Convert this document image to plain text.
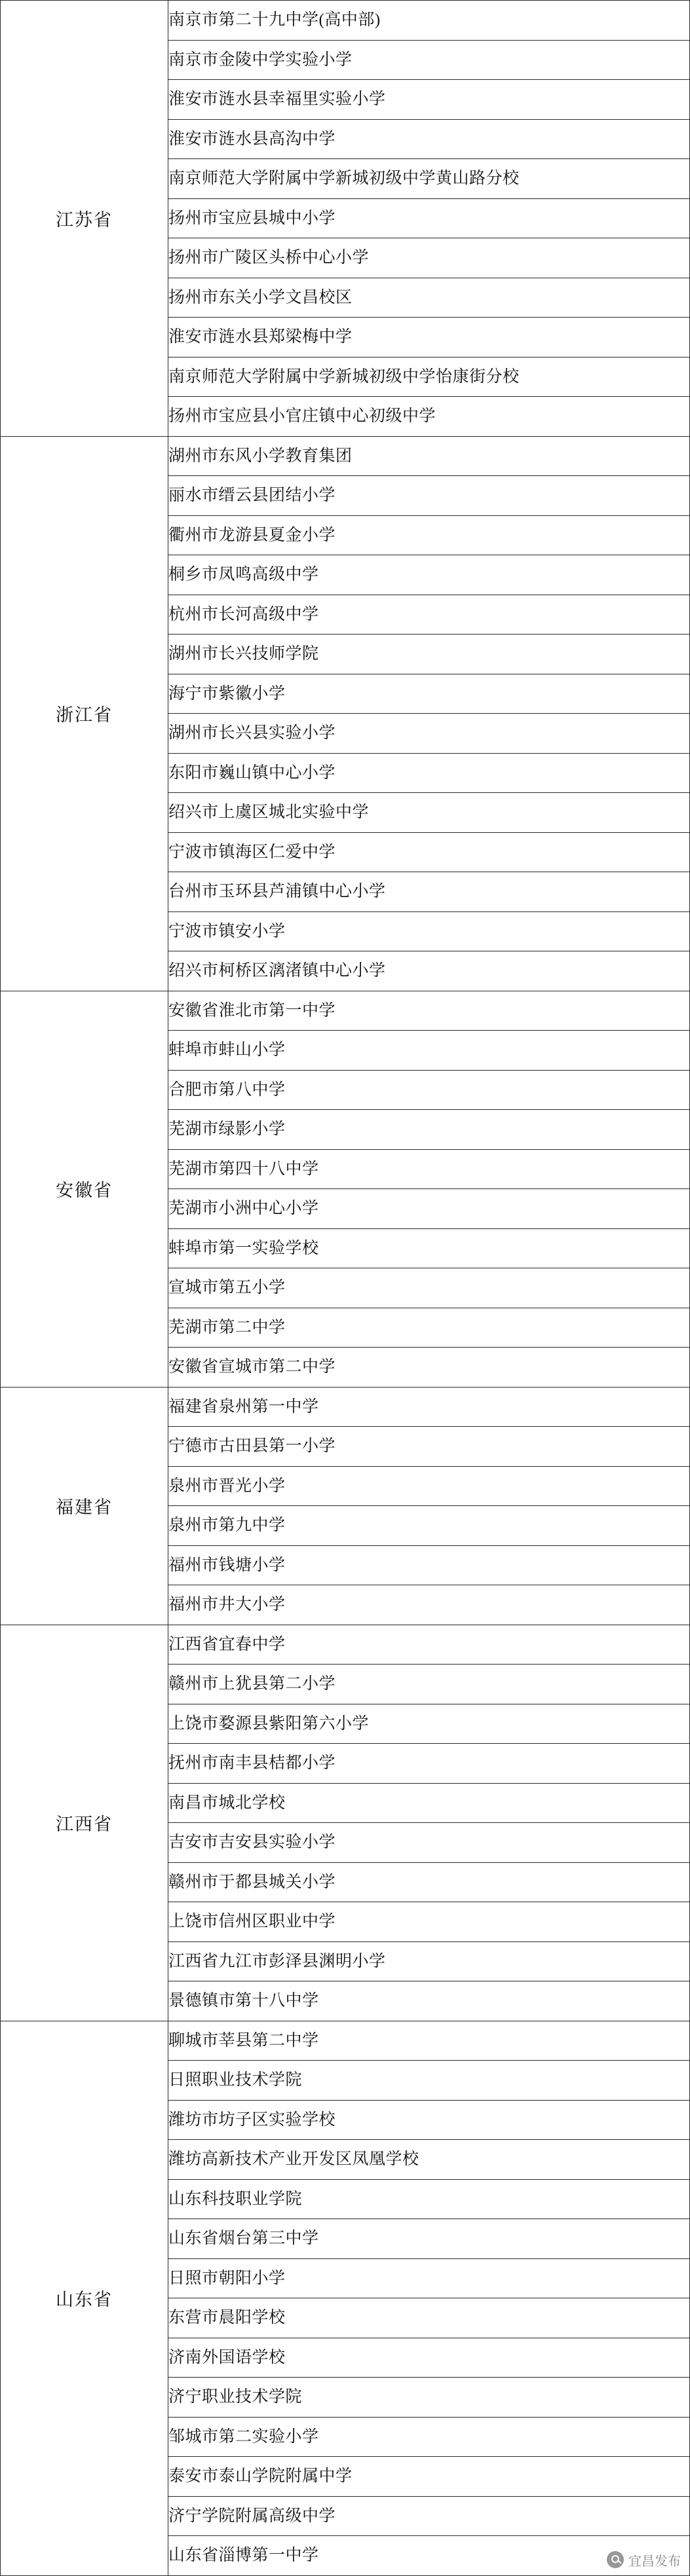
江苏省	南京市第二十九中学(高中部)
	南京市金陵中学实验小学
	淮安市涟水县幸福里实验小学
	淮安市涟水县高沟中学
	南京师范大学附属中学新城初级中学黄山路分校
	扬州市宝应县城中小学
	扬州市广陵区头桥中心小学
	扬州市东关小学文昌校区
	淮安市涟水县郑梁梅中学
	南京师范大学附属中学新城初级中学怡康街分校
	扬州市宝应县小官庄镇中心初级中学
浙江省	湖州市东风小学教育集团
	丽水市缙云县团结小学
	衢州市龙游县夏金小学
	桐乡市凤鸣高级中学
	杭州市长河高级中学
	湖州市长兴技师学院
	海宁市紫徽小学
	湖州市长兴县实验小学
	东阳市巍山镇中心小学
	绍兴市上虞区城北实验中学
	宁波市镇海区仁爱中学
	台州市玉环县芦浦镇中心小学
	宁波市镇安小学
	绍兴市柯桥区漓渚镇中心小学
安徽省	安徽省淮北市第一中学
	蚌埠市蚌山小学
	合肥市第八中学
	芜湖市绿影小学
	芜湖市第四十八中学
	芜湖市小洲中心小学
	蚌埠市第一实验学校
	宣城市第五小学
	芜湖市第二中学
	安徽省宣城市第二中学
福建省	福建省泉州第一中学
	宁德市古田县第一小学
	泉州市晋光小学
	泉州市第九中学
	福州市钱塘小学
	福州市井大小学
江西省	江西省宜春中学
	赣州市上犹县第二小学
	上饶市婺源县紫阳第六小学
	抚州市南丰县桔都小学
	南昌市城北学校
	吉安市吉安县实验小学
	赣州市于都县城关小学
	上饶市信州区职业中学
	江西省九江市彭泽县渊明小学
	景德镇市第十八中学
山东省	聊城市莘县第二中学
	日照职业技术学院
	潍坊市坊子区实验学校
	潍坊高新技术产业开发区凤凰学校
	山东科技职业学院
	山东省烟台第三中学
	日照市朝阳小学
	东营市晨阳学校
	济南外国语学校
	济宁职业技术学院
	邹城市第二实验小学
	泰安市泰山学院附属中学
	济宁学院附属高级中学
	山东省淄博第一中学	宜昌发布
